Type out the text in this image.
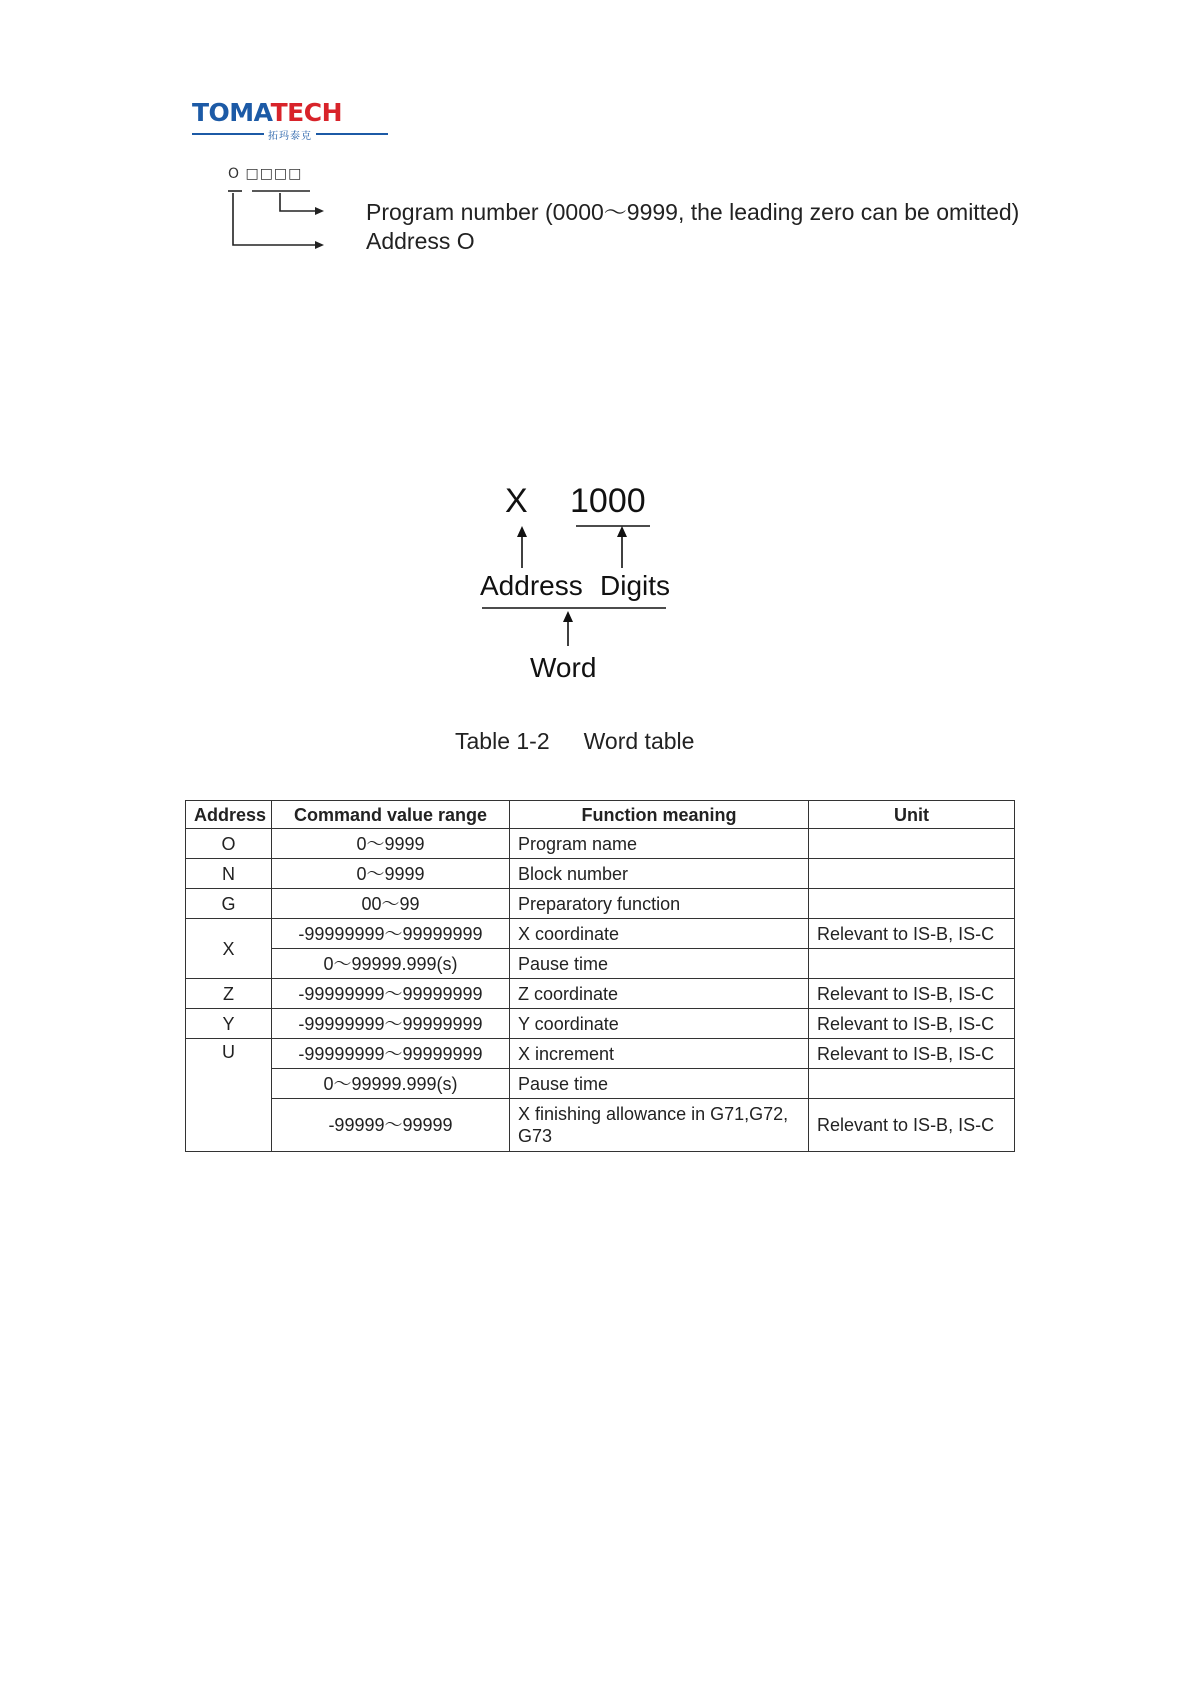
TOMATECH
拓玛泰克
O □□□□
Program number (0000～9999, the leading zero can be omitted)
Address O
X 1000
Address Digits
Word
Table 1-2 Word table
Address	Command value range	Function meaning	Unit
O	0～9999	Program name	
N	0～9999	Block number	
G	00～99	Preparatory function	
X	-99999999～99999999	X coordinate	Relevant to IS-B, IS-C
	0～99999.999(s)	Pause time	
Z	-99999999～99999999	Z coordinate	Relevant to IS-B, IS-C
Y	-99999999～99999999	Y coordinate	Relevant to IS-B, IS-C
U	-99999999～99999999	X increment	Relevant to IS-B, IS-C
	0～99999.999(s)	Pause time	
	-99999～99999	X finishing allowance in G71,G72, G73	Relevant to IS-B, IS-C
